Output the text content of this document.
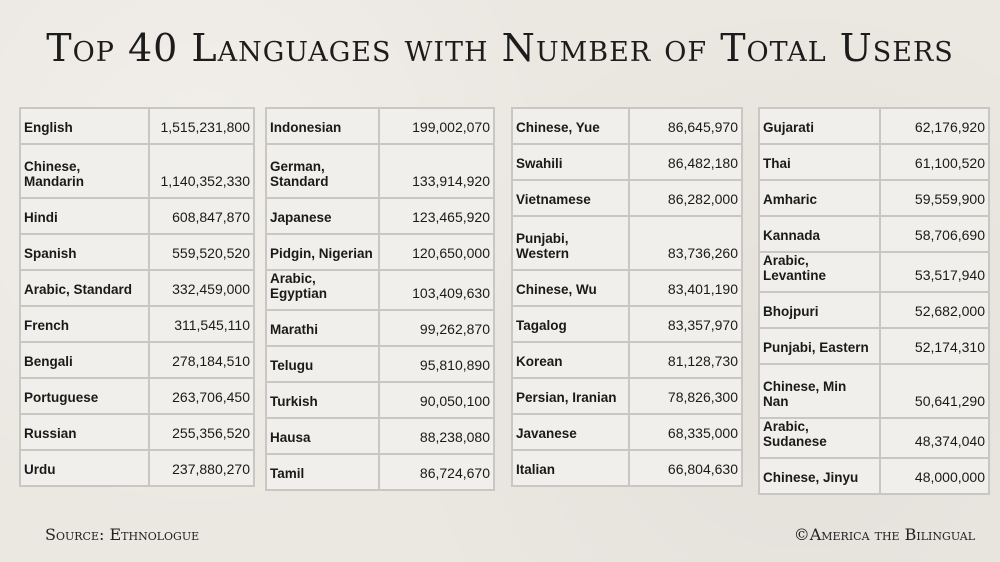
Top 40 Languages with Number of Total Users
English	1,515,231,800
Chinese,
Mandarin	1,140,352,330
Hindi	608,847,870
Spanish	559,520,520
Arabic, Standard	332,459,000
French	311,545,110
Bengali	278,184,510
Portuguese	263,706,450
Russian	255,356,520
Urdu	237,880,270
Indonesian	199,002,070
German,
Standard	133,914,920
Japanese	123,465,920
Pidgin, Nigerian	120,650,000
Arabic, Egyptian	103,409,630
Marathi	99,262,870
Telugu	95,810,890
Turkish	90,050,100
Hausa	88,238,080
Tamil	86,724,670
Chinese, Yue	86,645,970
Swahili	86,482,180
Vietnamese	86,282,000
Punjabi,
Western	83,736,260
Chinese, Wu	83,401,190
Tagalog	83,357,970
Korean	81,128,730
Persian, Iranian	78,826,300
Javanese	68,335,000
Italian	66,804,630
Gujarati	62,176,920
Thai	61,100,520
Amharic	59,559,900
Kannada	58,706,690
Arabic, Levantine	53,517,940
Bhojpuri	52,682,000
Punjabi, Eastern	52,174,310
Chinese, Min
Nan	50,641,290
Arabic, Sudanese	48,374,040
Chinese, Jinyu	48,000,000
Source: Ethnologue	©America the Bilingual
